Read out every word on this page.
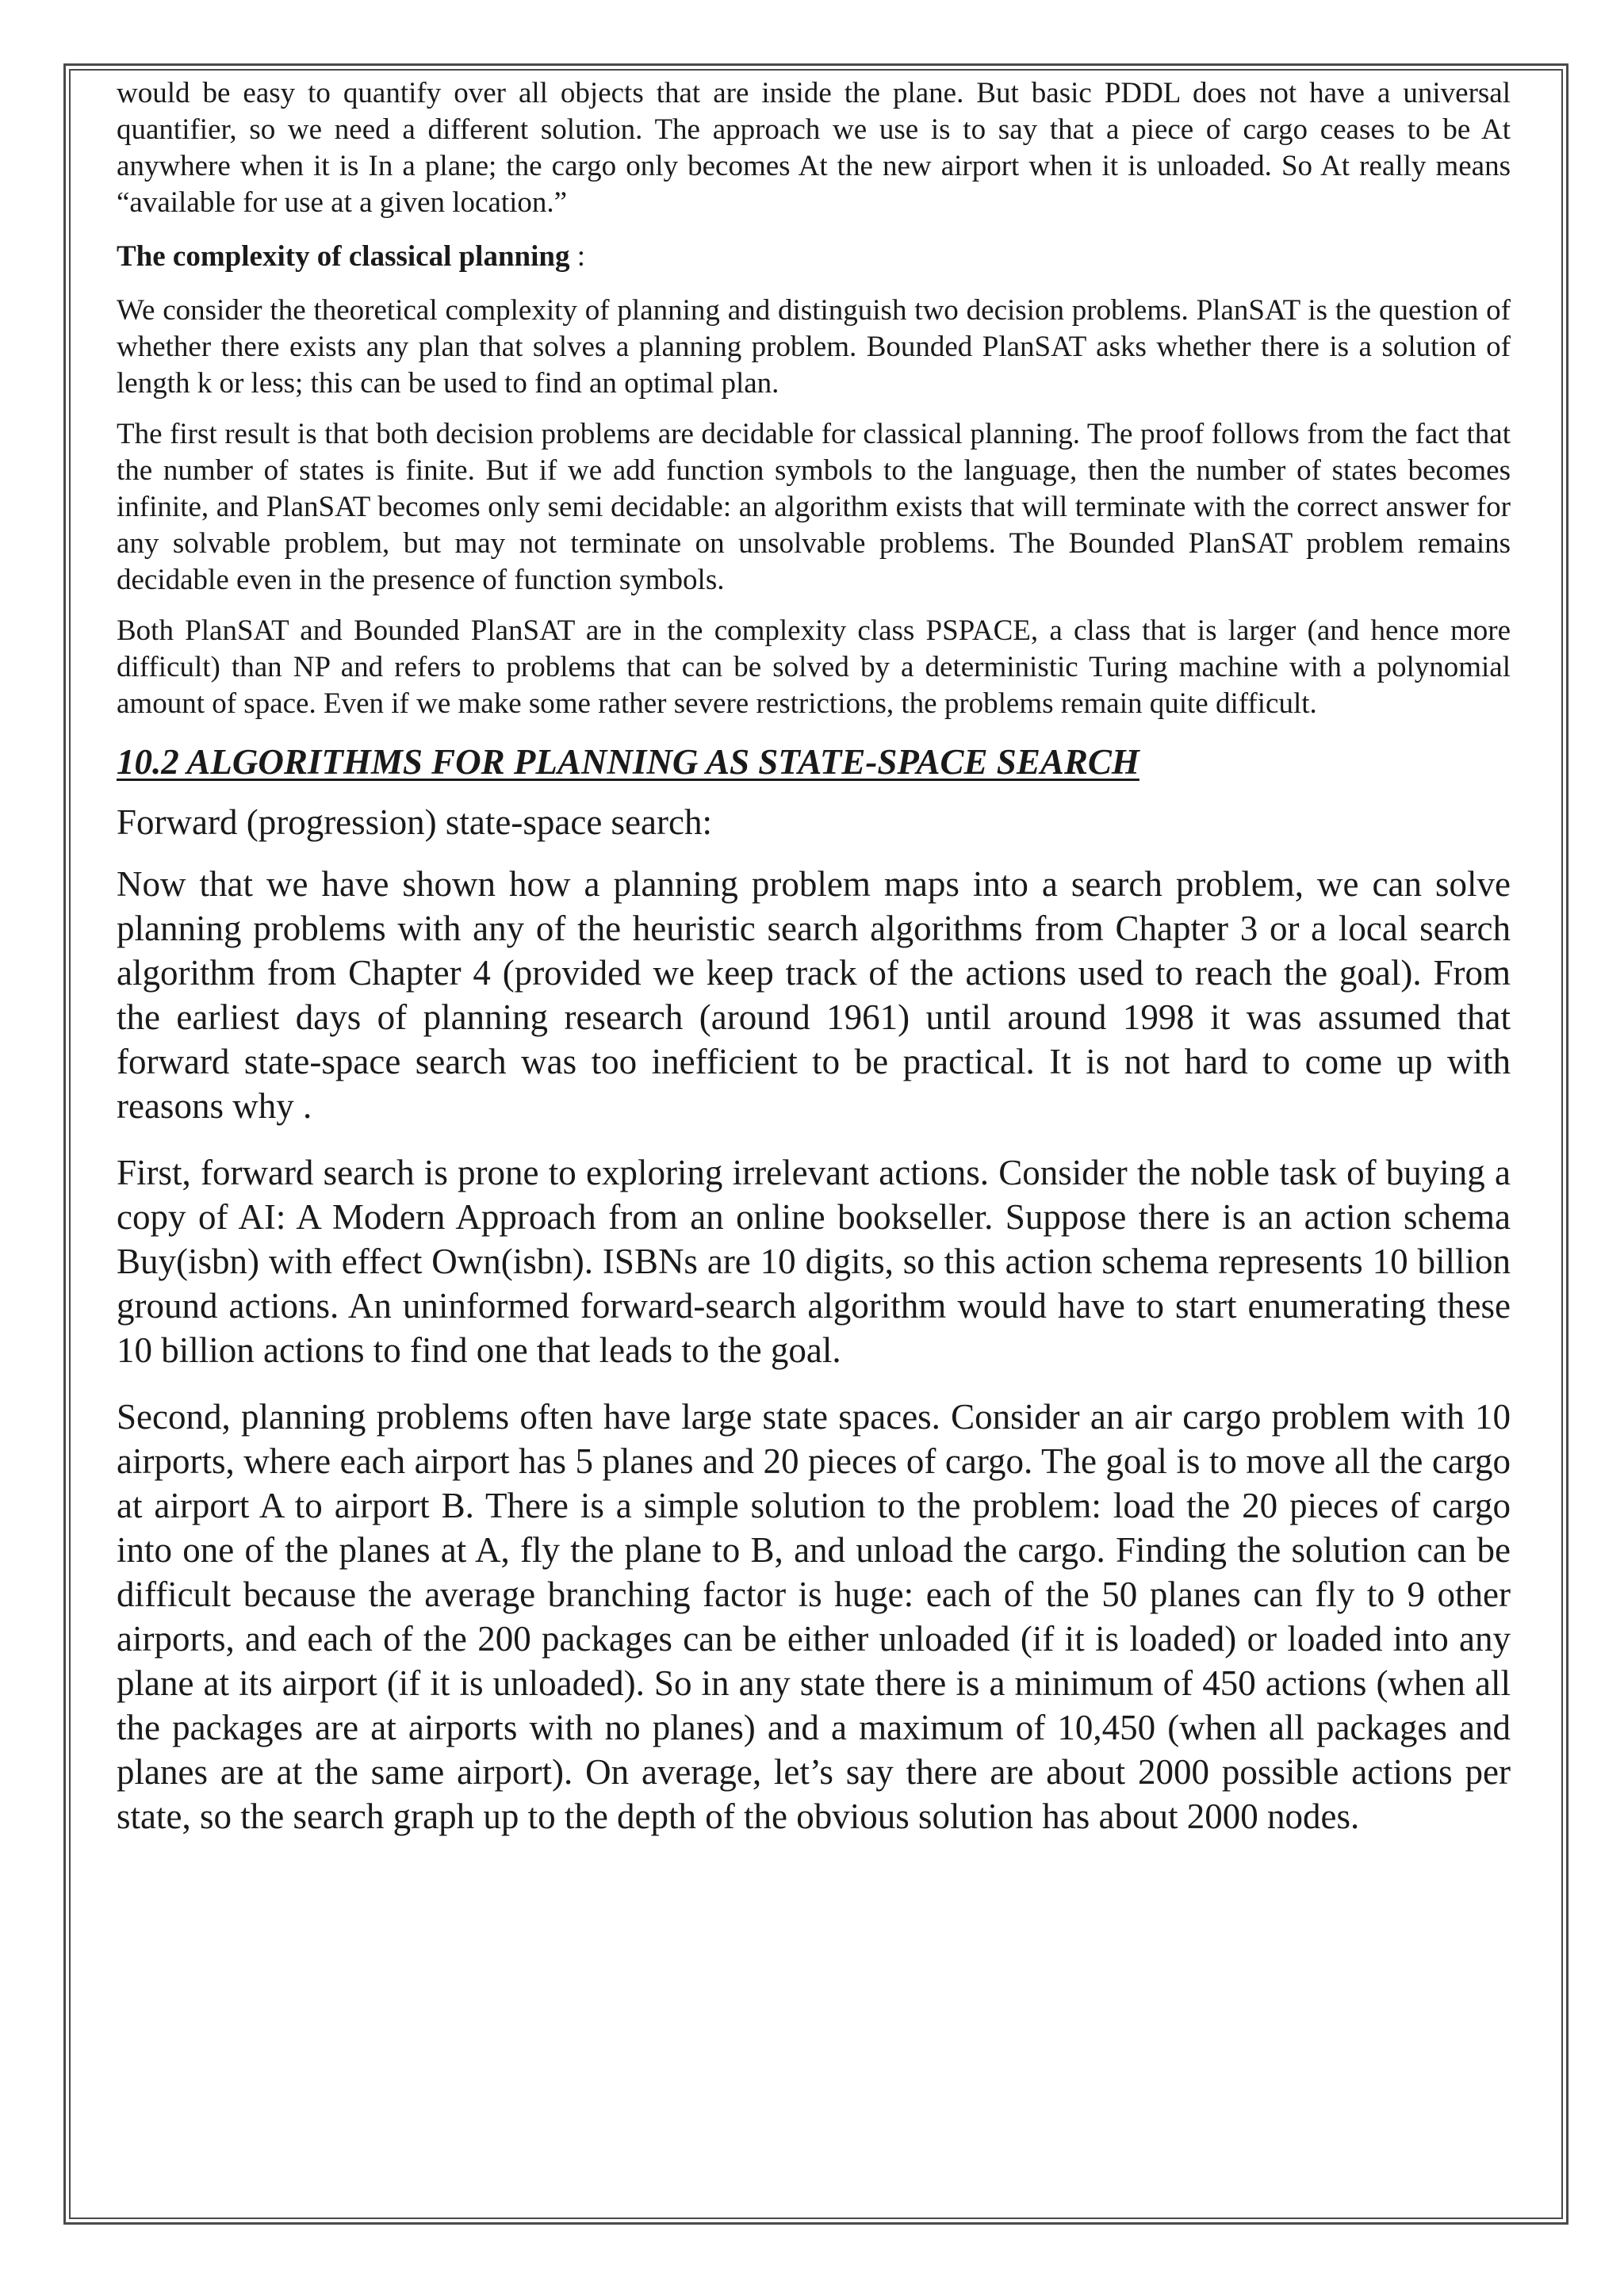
would be easy to quantify over all objects that are inside the plane. But basic PDDL does not have a universal quantifier, so we need a different solution. The approach we use is to say that a piece of cargo ceases to be At anywhere when it is In a plane; the cargo only becomes At the new airport when it is unloaded. So At really means “available for use at a given location.”

The complexity of classical planning :

We consider the theoretical complexity of planning and distinguish two decision problems. PlanSAT is the question of whether there exists any plan that solves a planning problem. Bounded PlanSAT asks whether there is a solution of length k or less; this can be used to find an optimal plan.

The first result is that both decision problems are decidable for classical planning. The proof follows from the fact that the number of states is finite. But if we add function symbols to the language, then the number of states becomes infinite, and PlanSAT becomes only semi decidable: an algorithm exists that will terminate with the correct answer for any solvable problem, but may not terminate on unsolvable problems. The Bounded PlanSAT problem remains decidable even in the presence of function symbols.

Both PlanSAT and Bounded PlanSAT are in the complexity class PSPACE, a class that is larger (and hence more difficult) than NP and refers to problems that can be solved by a deterministic Turing machine with a polynomial amount of space. Even if we make some rather severe restrictions, the problems remain quite difficult.

10.2 ALGORITHMS FOR PLANNING AS STATE-SPACE SEARCH

Forward (progression) state-space search:

Now that we have shown how a planning problem maps into a search problem, we can solve planning problems with any of the heuristic search algorithms from Chapter 3 or a local search algorithm from Chapter 4 (provided we keep track of the actions used to reach the goal). From the earliest days of planning research (around 1961) until around 1998 it was assumed that forward state-space search was too inefficient to be practical. It is not hard to come up with reasons why .

First, forward search is prone to exploring irrelevant actions. Consider the noble task of buying a copy of AI: A Modern Approach from an online bookseller. Suppose there is an action schema Buy(isbn) with effect Own(isbn). ISBNs are 10 digits, so this action schema represents 10 billion ground actions. An uninformed forward-search algorithm would have to start enumerating these 10 billion actions to find one that leads to the goal.

Second, planning problems often have large state spaces. Consider an air cargo problem with 10 airports, where each airport has 5 planes and 20 pieces of cargo. The goal is to move all the cargo at airport A to airport B. There is a simple solution to the problem: load the 20 pieces of cargo into one of the planes at A, fly the plane to B, and unload the cargo. Finding the solution can be difficult because the average branching factor is huge: each of the 50 planes can fly to 9 other airports, and each of the 200 packages can be either unloaded (if it is loaded) or loaded into any plane at its airport (if it is unloaded). So in any state there is a minimum of 450 actions (when all the packages are at airports with no planes) and a maximum of 10,450 (when all packages and planes are at the same airport). On average, let’s say there are about 2000 possible actions per state, so the search graph up to the depth of the obvious solution has about 2000 nodes.
